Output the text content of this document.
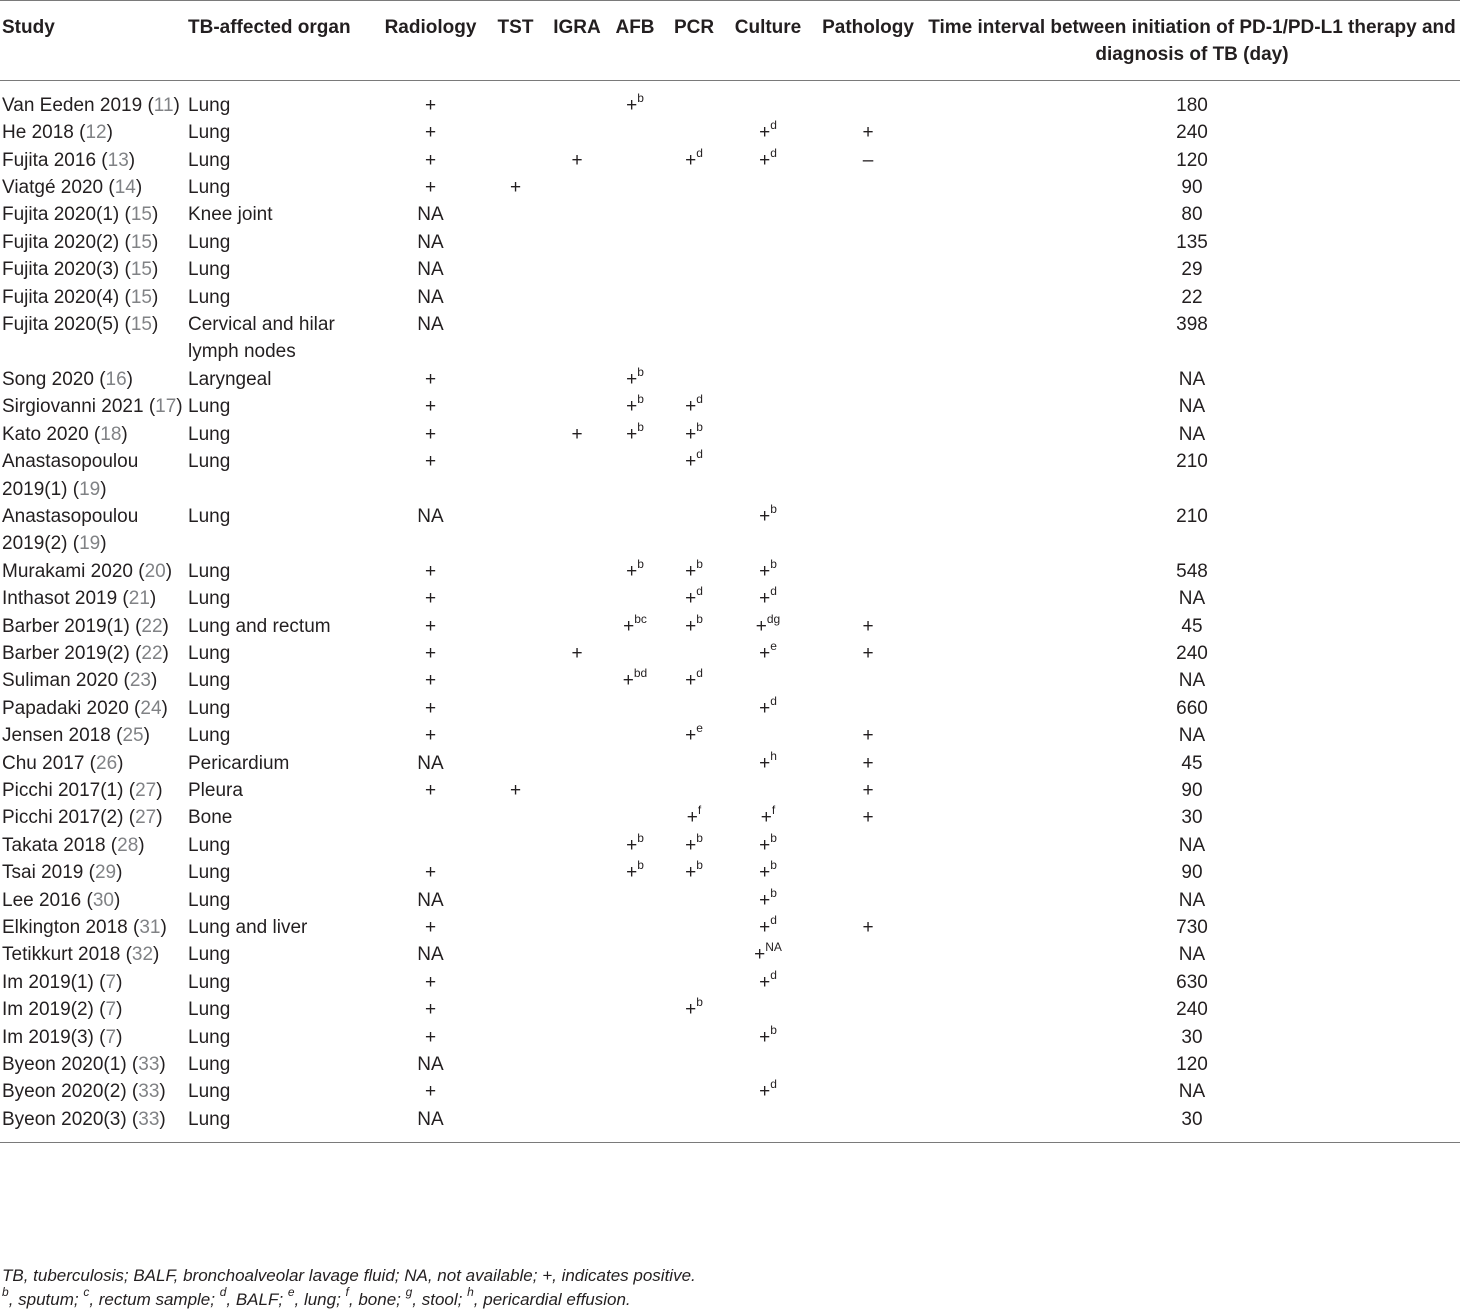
Study	TB-affected organ	Radiology	TST	IGRA	AFB	PCR	Culture	Pathology	Time interval between initiation of PD-1/PD-L1 therapy and diagnosis of TB (day)
Van Eeden 2019 (11)	Lung	+			+$^b$				180
He 2018 (12)	Lung	+					+$^d$	+	240
Fujita 2016 (13)	Lung	+		+		+$^d$	+$^d$	–	120
Viatgé 2020 (14)	Lung	+	+						90
Fujita 2020(1) (15)	Knee joint	NA							80
Fujita 2020(2) (15)	Lung	NA							135
Fujita 2020(3) (15)	Lung	NA							29
Fujita 2020(4) (15)	Lung	NA							22
Fujita 2020(5) (15)	Cervical and hilar lymph nodes	NA							398
Song 2020 (16)	Laryngeal	+			+$^b$				NA
Sirgiovanni 2021 (17)	Lung	+			+$^b$	+$^d$			NA
Kato 2020 (18)	Lung	+		+	+$^b$	+$^b$			NA
Anastasopoulou 2019(1) (19)	Lung	+				+$^d$			210
Anastasopoulou 2019(2) (19)	Lung	NA					+$^b$		210
Murakami 2020 (20)	Lung	+			+$^b$	+$^b$	+$^b$		548
Inthasot 2019 (21)	Lung	+				+$^d$	+$^d$		NA
Barber 2019(1) (22)	Lung and rectum	+			+$^{bc}$	+$^b$	+$^{dg}$	+	45
Barber 2019(2) (22)	Lung	+		+			+$^e$	+	240
Suliman 2020 (23)	Lung	+			+$^{bd}$	+$^d$			NA
Papadaki 2020 (24)	Lung	+					+$^d$		660
Jensen 2018 (25)	Lung	+				+$^e$		+	NA
Chu 2017 (26)	Pericardium	NA					+$^h$	+	45
Picchi 2017(1) (27)	Pleura	+	+					+	90
Picchi 2017(2) (27)	Bone					+$^f$	+$^f$	+	30
Takata 2018 (28)	Lung				+$^b$	+$^b$	+$^b$		NA
Tsai 2019 (29)	Lung	+			+$^b$	+$^b$	+$^b$		90
Lee 2016 (30)	Lung	NA					+$^b$		NA
Elkington 2018 (31)	Lung and liver	+					+$^d$	+	730
Tetikkurt 2018 (32)	Lung	NA					+$^{NA}$		NA
Im 2019(1) (7)	Lung	+					+$^d$		630
Im 2019(2) (7)	Lung	+				+$^b$			240
Im 2019(3) (7)	Lung	+					+$^b$		30
Byeon 2020(1) (33)	Lung	NA							120
Byeon 2020(2) (33)	Lung	+					+$^d$		NA
Byeon 2020(3) (33)	Lung	NA							30
TB, tuberculosis; BALF, bronchoalveolar lavage fluid; NA, not available; +, indicates positive.
$^b$, sputum; $^c$, rectum sample; $^d$, BALF; $^e$, lung; $^f$, bone; $^g$, stool; $^h$, pericardial effusion.
